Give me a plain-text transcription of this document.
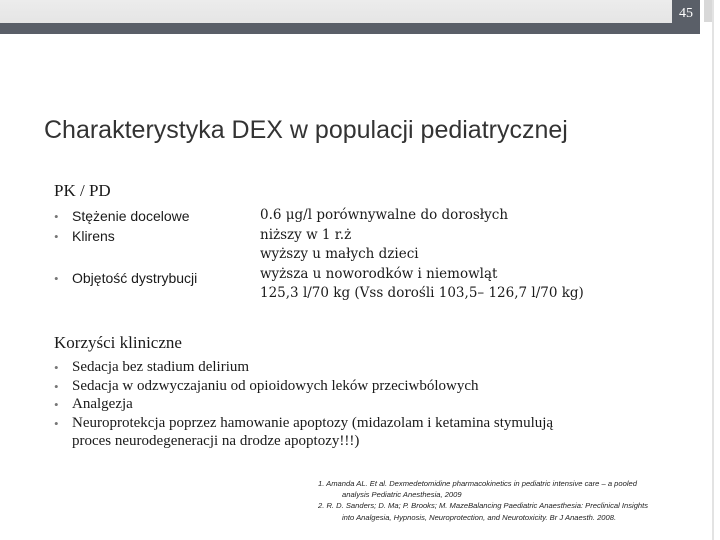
45
Charakterystyka DEX w populacji pediatrycznej
PK / PD
• Stężenie docelowe
• Klirens
• Objętość dystrybucji
0.6 μg/l porównywalne do dorosłych
niższy w 1 r.ż
wyższy u małych dzieci
wyższa u noworodków i niemowląt
125,3 l/70 kg (Vss dorośli 103,5– 126,7 l/70 kg)
Korzyści kliniczne
• Sedacja bez stadium delirium
• Sedacja w odzwyczajaniu od opioidowych leków przeciwbólowych
• Analgezja
• Neuroprotekcja poprzez hamowanie apoptozy (midazolam i ketamina stymulują
proces neurodegeneracji na drodze apoptozy!!!)
1. Amanda AL. Et al. Dexmedetomidine pharmacokinetics in pediatric intensive care – a pooled
analysis Pediatric Anesthesia, 2009
2. R. D. Sanders; D. Ma; P. Brooks; M. MazeBalancing Paediatric Anaesthesia: Preclinical Insights
into Analgesia, Hypnosis, Neuroprotection, and Neurotoxicity. Br J Anaesth. 2008.
